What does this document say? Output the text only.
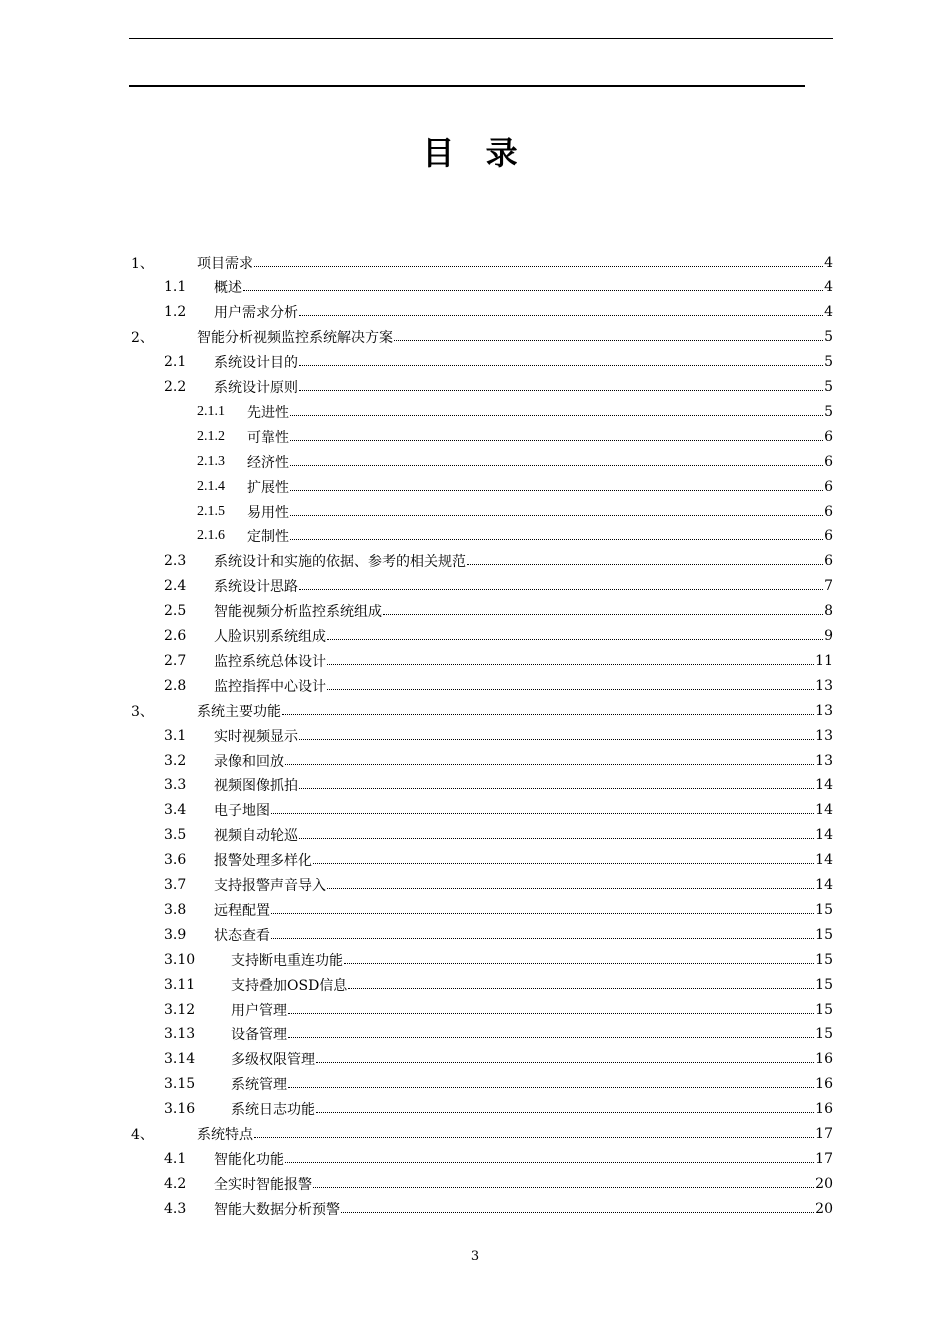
目 录
1、	项目需求	4
1.1 概述	4
1.2 用户需求分析	4
2、	智能分析视频监控系统解决方案	5
2.1 系统设计目的	5
2.2 系统设计原则	5
2.1.1 先进性	5
2.1.2 可靠性	6
2.1.3 经济性	6
2.1.4 扩展性	6
2.1.5 易用性	6
2.1.6 定制性	6
2.3 系统设计和实施的依据、参考的相关规范	6
2.4 系统设计思路	7
2.5 智能视频分析监控系统组成	8
2.6 人脸识别系统组成	9
2.7 监控系统总体设计	11
2.8 监控指挥中心设计	13
3、	系统主要功能	13
3.1 实时视频显示	13
3.2 录像和回放	13
3.3 视频图像抓拍	14
3.4 电子地图	14
3.5 视频自动轮巡	14
3.6 报警处理多样化	14
3.7 支持报警声音导入	14
3.8 远程配置	15
3.9 状态查看	15
3.10	支持断电重连功能	15
3.11	支持叠加OSD信息	15
3.12	用户管理	15
3.13	设备管理	15
3.14	多级权限管理	16
3.15	系统管理	16
3.16	系统日志功能	16
4、	系统特点	17
4.1 智能化功能	17
4.2 全实时智能报警	20
4.3 智能大数据分析预警	20
3
